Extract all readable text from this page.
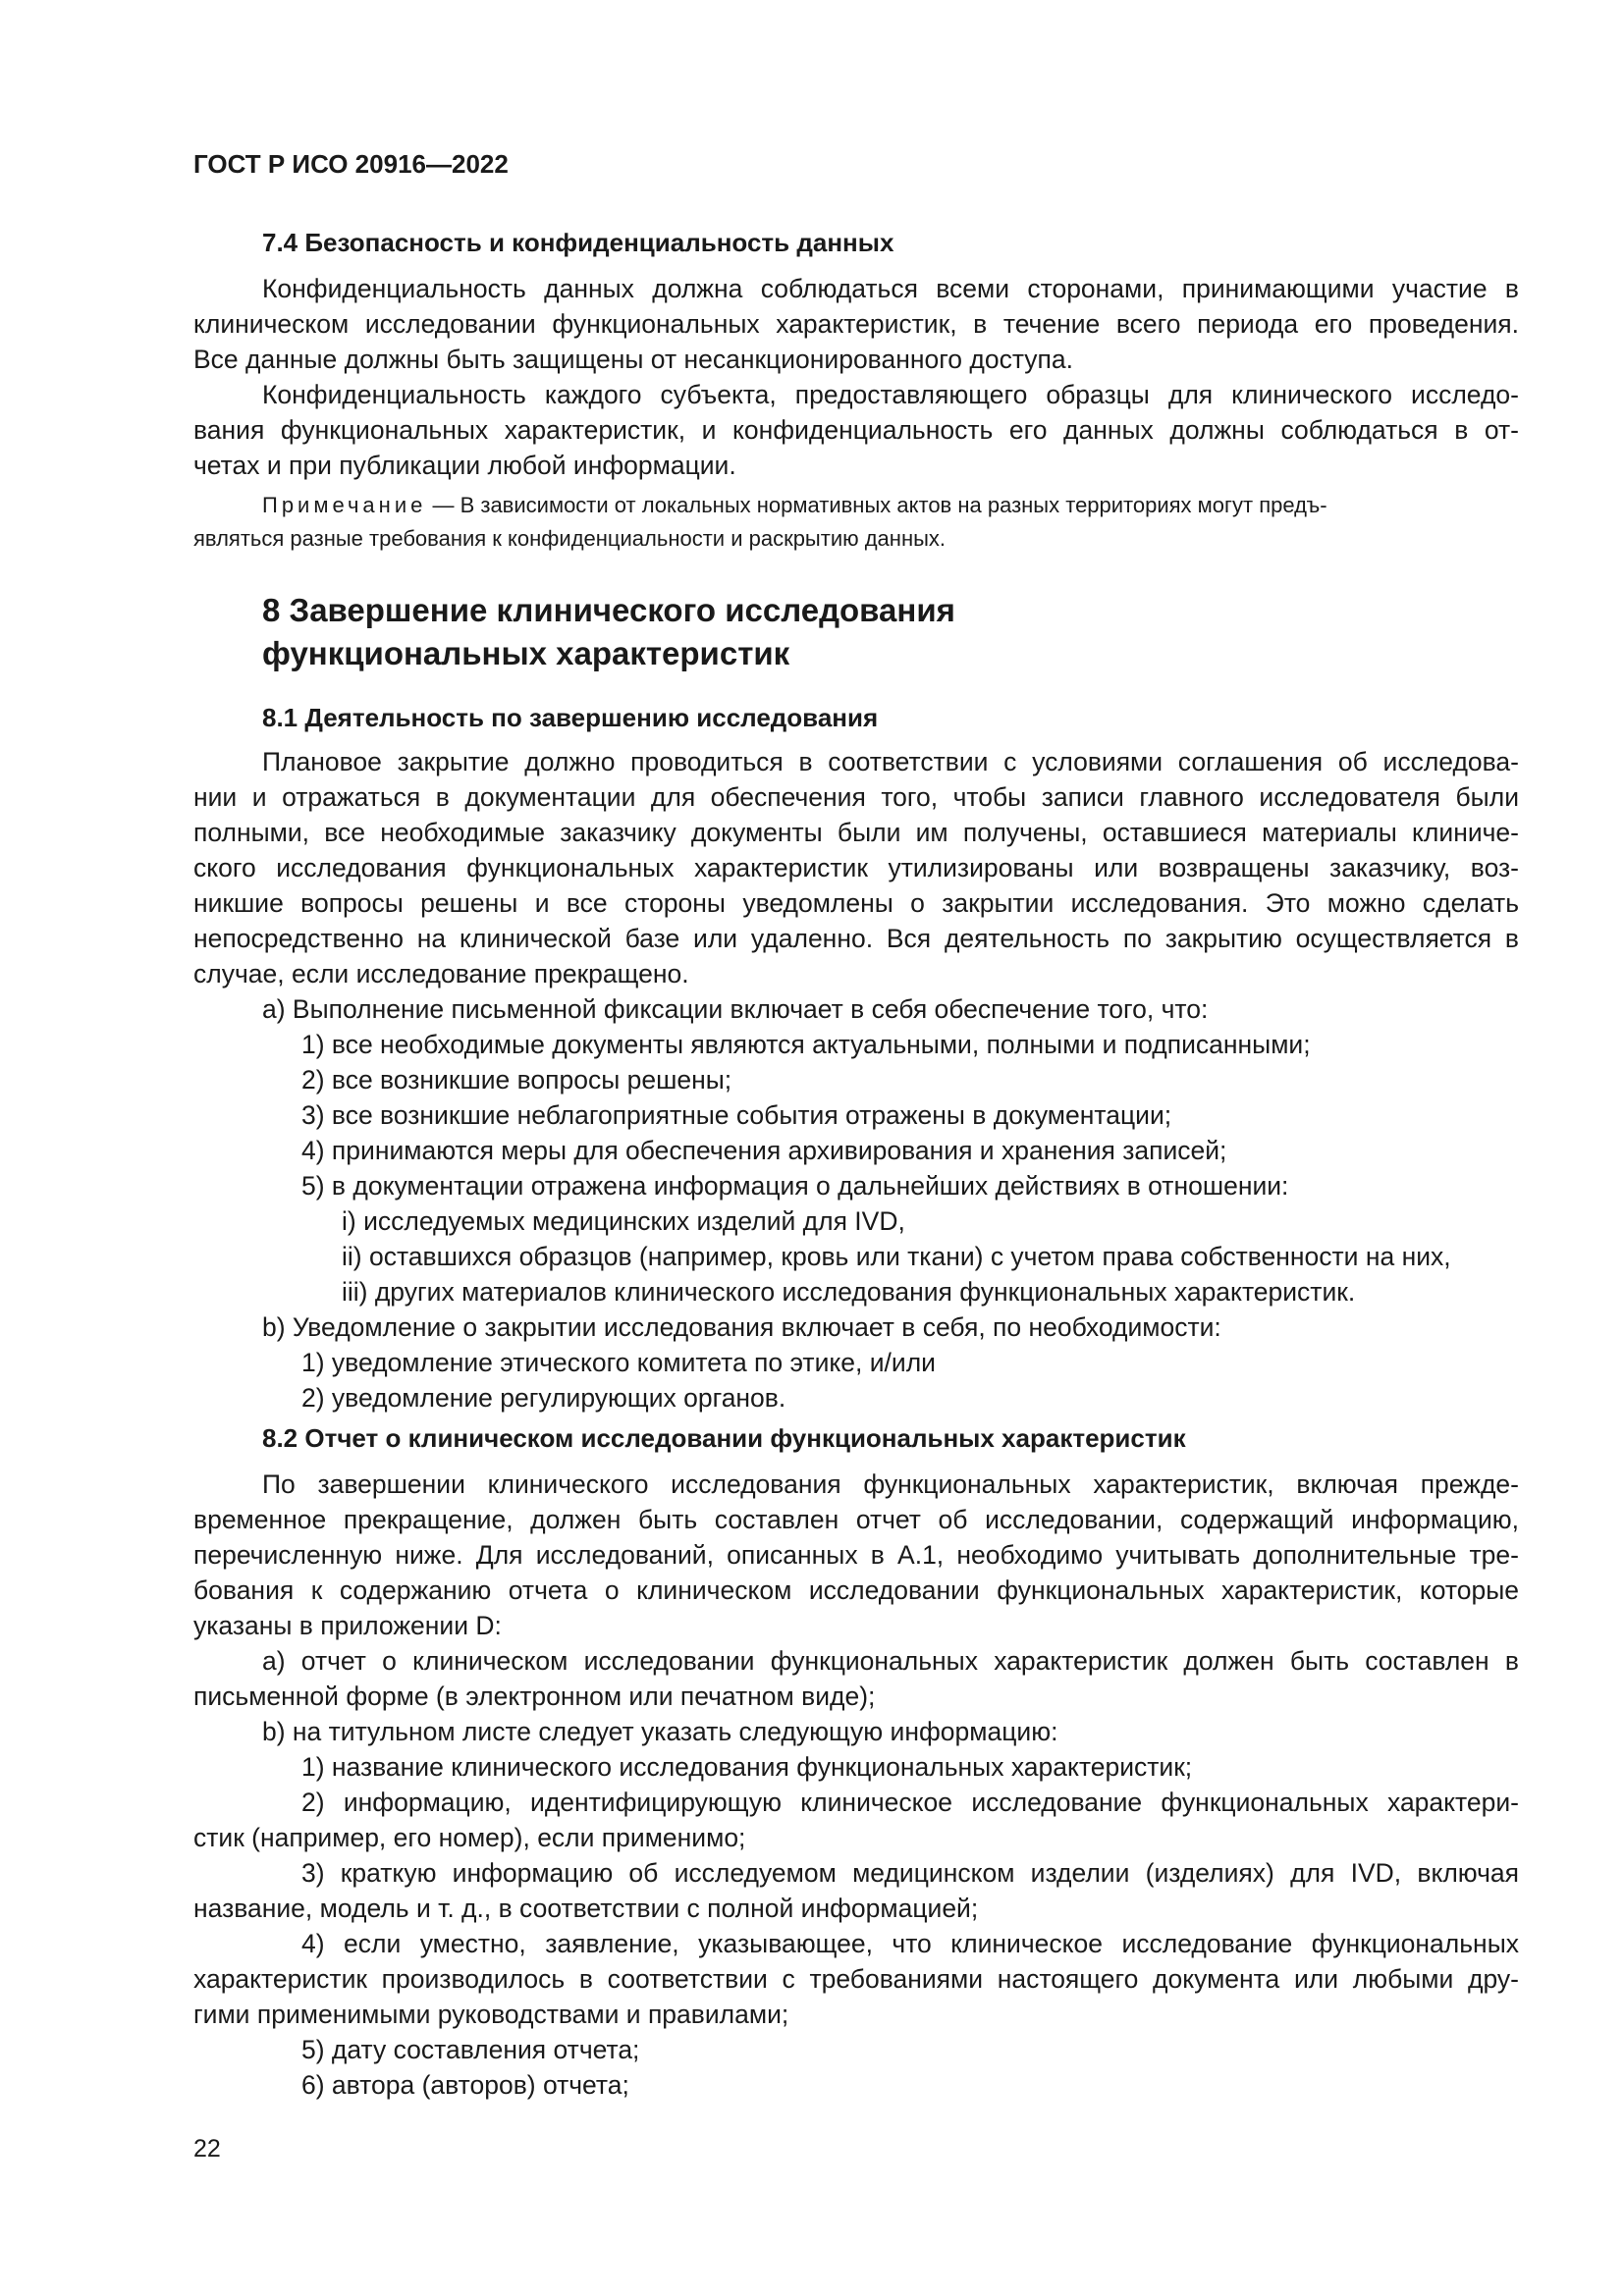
ГОСТ Р ИСО 20916—2022
7.4 Безопасность и конфиденциальность данных
Конфиденциальность данных должна соблюдаться всеми сторонами, принимающими участие в
клиническом исследовании функциональных характеристик, в течение всего периода его проведения.
Все данные должны быть защищены от несанкционированного доступа.
Конфиденциальность каждого субъекта, предоставляющего образцы для клинического исследо-
вания функциональных характеристик, и конфиденциальность его данных должны соблюдаться в от-
четах и при публикации любой информации.
Примечание — В зависимости от локальных нормативных актов на разных территориях могут предъ-
являться разные требования к конфиденциальности и раскрытию данных.
8 Завершение клинического исследования
функциональных характеристик
8.1 Деятельность по завершению исследования
Плановое закрытие должно проводиться в соответствии с условиями соглашения об исследова-
нии и отражаться в документации для обеспечения того, чтобы записи главного исследователя были
полными, все необходимые заказчику документы были им получены, оставшиеся материалы клиниче-
ского исследования функциональных характеристик утилизированы или возвращены заказчику, воз-
никшие вопросы решены и все стороны уведомлены о закрытии исследования. Это можно сделать
непосредственно на клинической базе или удаленно. Вся деятельность по закрытию осуществляется в
случае, если исследование прекращено.
a) Выполнение письменной фиксации включает в себя обеспечение того, что:
1) все необходимые документы являются актуальными, полными и подписанными;
2) все возникшие вопросы решены;
3) все возникшие неблагоприятные события отражены в документации;
4) принимаются меры для обеспечения архивирования и хранения записей;
5) в документации отражена информация о дальнейших действиях в отношении:
i) исследуемых медицинских изделий для IVD,
ii) оставшихся образцов (например, кровь или ткани) с учетом права собственности на них,
iii) других материалов клинического исследования функциональных характеристик.
b) Уведомление о закрытии исследования включает в себя, по необходимости:
1) уведомление этического комитета по этике, и/или
2) уведомление регулирующих органов.
8.2 Отчет о клиническом исследовании функциональных характеристик
По завершении клинического исследования функциональных характеристик, включая прежде-
временное прекращение, должен быть составлен отчет об исследовании, содержащий информацию,
перечисленную ниже. Для исследований, описанных в А.1, необходимо учитывать дополнительные тре-
бования к содержанию отчета о клиническом исследовании функциональных характеристик, которые
указаны в приложении D:
a) отчет о клиническом исследовании функциональных характеристик должен быть составлен в
письменной форме (в электронном или печатном виде);
b) на титульном листе следует указать следующую информацию:
1) название клинического исследования функциональных характеристик;
2) информацию, идентифицирующую клиническое исследование функциональных характери-
стик (например, его номер), если применимо;
3) краткую информацию об исследуемом медицинском изделии (изделиях) для IVD, включая
название, модель и т. д., в соответствии с полной информацией;
4) если уместно, заявление, указывающее, что клиническое исследование функциональных
характеристик производилось в соответствии с требованиями настоящего документа или любыми дру-
гими применимыми руководствами и правилами;
5) дату составления отчета;
6) автора (авторов) отчета;
22
